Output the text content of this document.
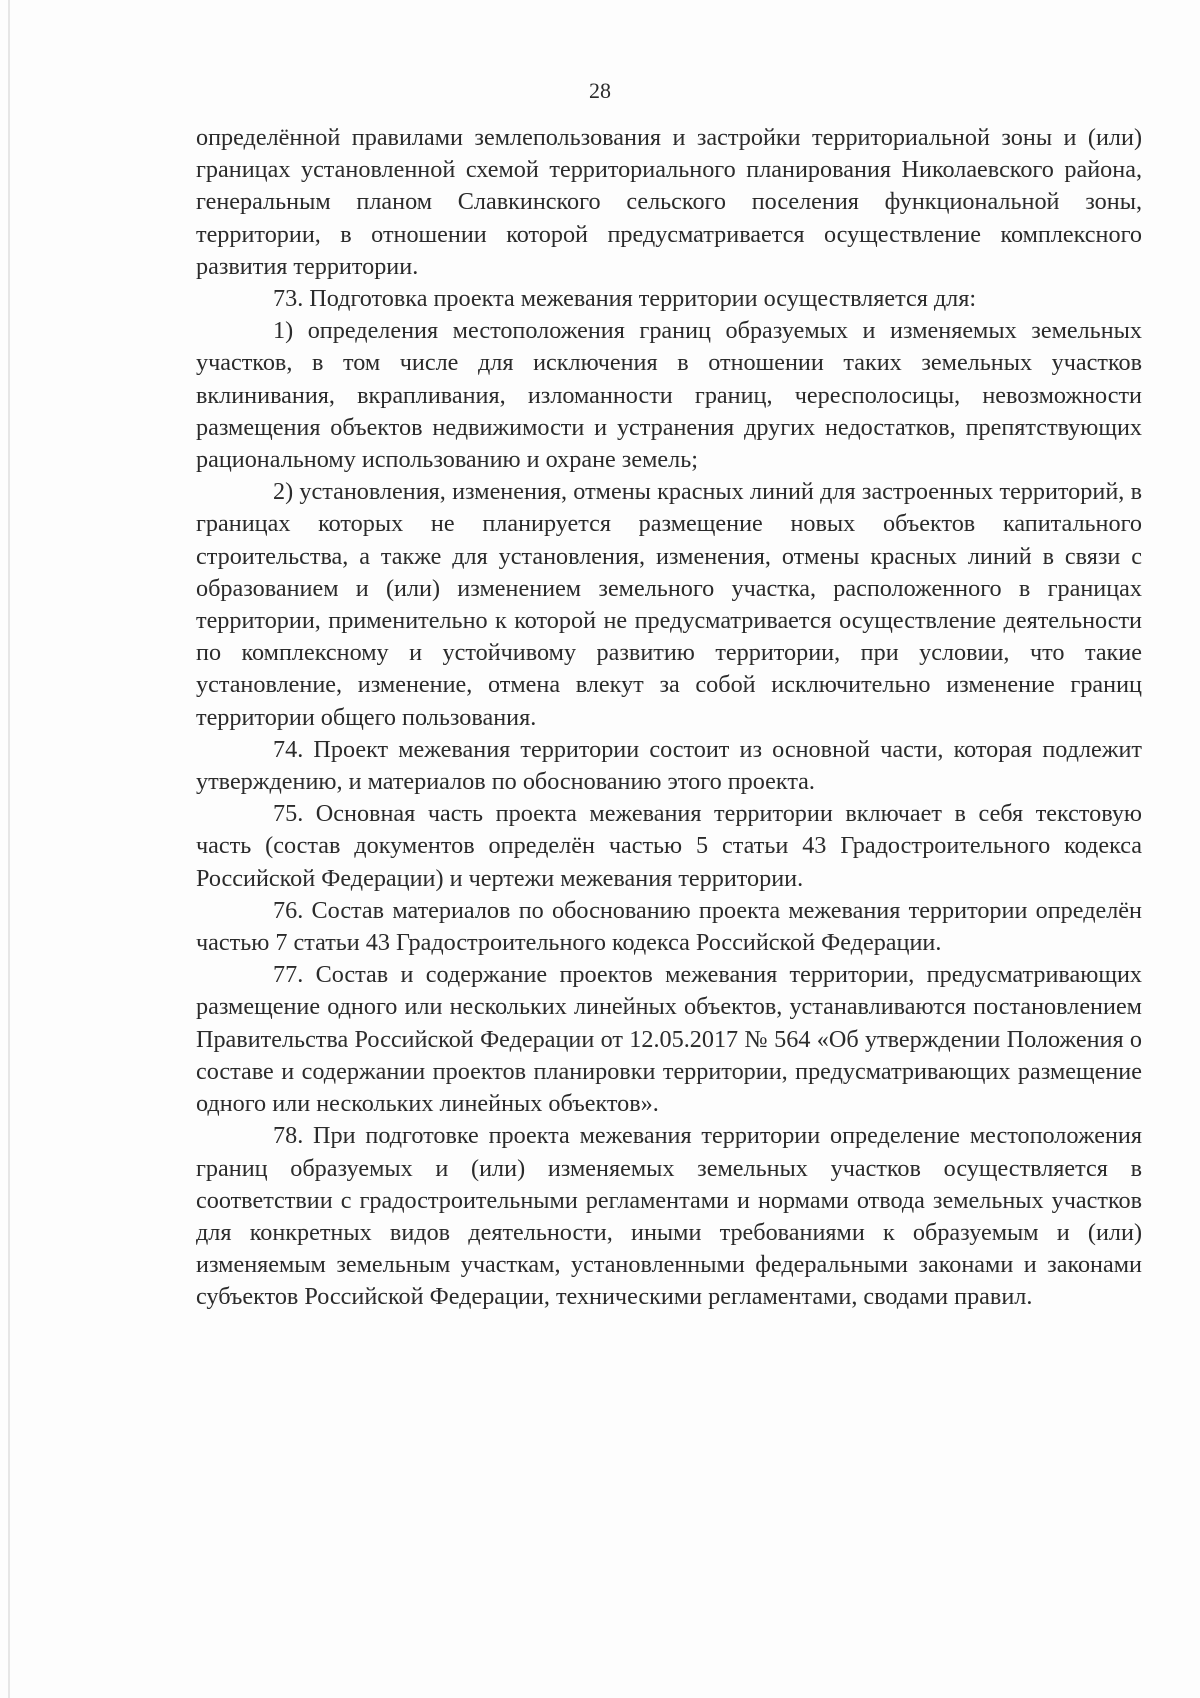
28

определённой правилами землепользования и застройки территориальной зоны и (или) границах установленной схемой территориального планирования Николаевского района, генеральным планом Славкинского сельского поселения функциональной зоны, территории, в отношении которой предусматривается осуществление комплексного развития территории.

73. Подготовка проекта межевания территории осуществляется для:

1) определения местоположения границ образуемых и изменяемых земельных участков, в том числе для исключения в отношении таких земельных участков вклинивания, вкрапливания, изломанности границ, чересполосицы, невозможности размещения объектов недвижимости и устранения других недостатков, препятствующих рациональному использованию и охране земель;

2) установления, изменения, отмены красных линий для застроенных территорий, в границах которых не планируется размещение новых объектов капитального строительства, а также для установления, изменения, отмены красных линий в связи с образованием и (или) изменением земельного участка, расположенного в границах территории, применительно к которой не предусматривается осуществление деятельности по комплексному и устойчивому развитию территории, при условии, что такие установление, изменение, отмена влекут за собой исключительно изменение границ территории общего пользования.

74. Проект межевания территории состоит из основной части, которая подлежит утверждению, и материалов по обоснованию этого проекта.

75. Основная часть проекта межевания территории включает в себя текстовую часть (состав документов определён частью 5 статьи 43 Градостроительного кодекса Российской Федерации) и чертежи межевания территории.

76. Состав материалов по обоснованию проекта межевания территории определён частью 7 статьи 43 Градостроительного кодекса Российской Федерации.

77. Состав и содержание проектов межевания территории, предусматривающих размещение одного или нескольких линейных объектов, устанавливаются постановлением Правительства Российской Федерации от 12.05.2017 № 564 «Об утверждении Положения о составе и содержании проектов планировки территории, предусматривающих размещение одного или нескольких линейных объектов».

78. При подготовке проекта межевания территории определение местоположения границ образуемых и (или) изменяемых земельных участков осуществляется в соответствии с градостроительными регламентами и нормами отвода земельных участков для конкретных видов деятельности, иными требованиями к образуемым и (или) изменяемым земельным участкам, установленными федеральными законами и законами субъектов Российской Федерации, техническими регламентами, сводами правил.
